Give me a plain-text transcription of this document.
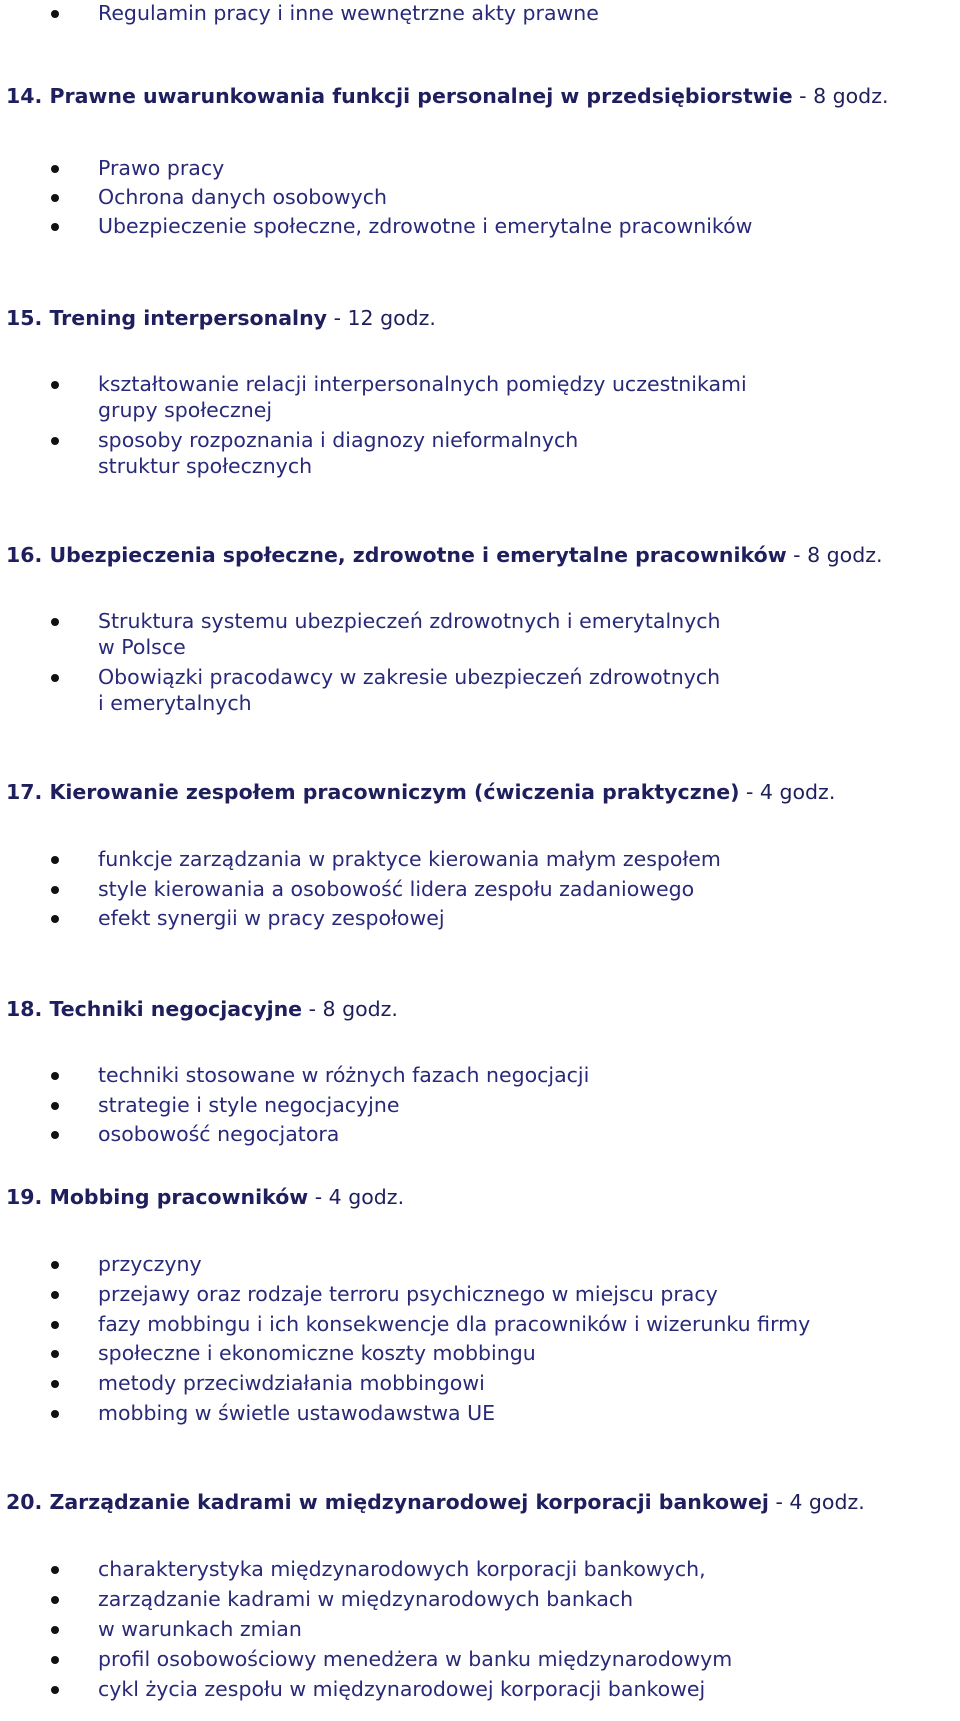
Regulamin pracy i inne wewnętrzne akty prawne
14. Prawne uwarunkowania funkcji personalnej w przedsiębiorstwie - 8 godz.
Prawo pracy
Ochrona danych osobowych
Ubezpieczenie społeczne, zdrowotne i emerytalne pracowników
15. Trening interpersonalny - 12 godz.
kształtowanie relacji interpersonalnych pomiędzy uczestnikami
grupy społecznej
sposoby rozpoznania i diagnozy nieformalnych
struktur społecznych
16. Ubezpieczenia społeczne, zdrowotne i emerytalne pracowników - 8 godz.
Struktura systemu ubezpieczeń zdrowotnych i emerytalnych
w Polsce
Obowiązki pracodawcy w zakresie ubezpieczeń zdrowotnych
i emerytalnych
17. Kierowanie zespołem pracowniczym (ćwiczenia praktyczne) - 4 godz.
funkcje zarządzania w praktyce kierowania małym zespołem
style kierowania a osobowość lidera zespołu zadaniowego
efekt synergii w pracy zespołowej
18. Techniki negocjacyjne - 8 godz.
techniki stosowane w różnych fazach negocjacji
strategie i style negocjacyjne
osobowość negocjatora
19. Mobbing pracowników - 4 godz.
przyczyny
przejawy oraz rodzaje terroru psychicznego w miejscu pracy
fazy mobbingu i ich konsekwencje dla pracowników i wizerunku firmy
społeczne i ekonomiczne koszty mobbingu
metody przeciwdziałania mobbingowi
mobbing w świetle ustawodawstwa UE
20. Zarządzanie kadrami w międzynarodowej korporacji bankowej - 4 godz.
charakterystyka międzynarodowych korporacji bankowych,
zarządzanie kadrami w międzynarodowych bankach
w warunkach zmian
profil osobowościowy menedżera w banku międzynarodowym
cykl życia zespołu w międzynarodowej korporacji bankowej
